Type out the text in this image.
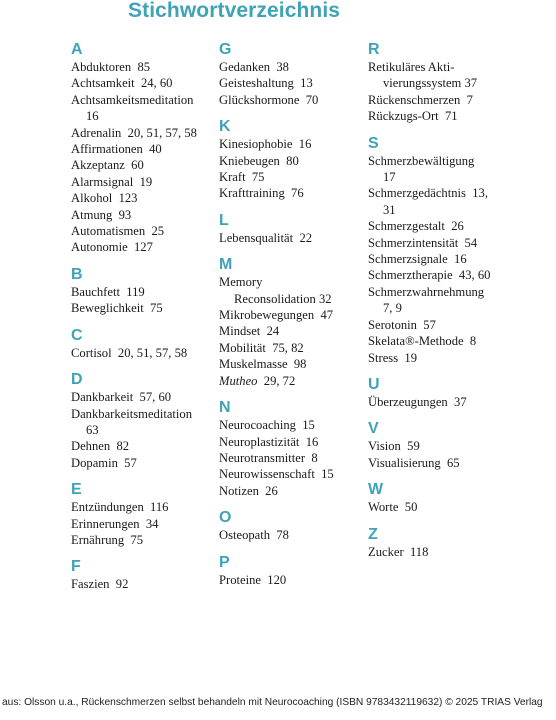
Stichwortverzeichnis
A
Abduktoren 85
Achtsamkeit 24, 60
Achtsamkeitsmeditation
16
Adrenalin 20, 51, 57, 58
Affirmationen 40
Akzeptanz 60
Alarmsignal 19
Alkohol 123
Atmung 93
Automatismen 25
Autonomie 127
B
Bauchfett 119
Beweglichkeit 75
C
Cortisol 20, 51, 57, 58
D
Dankbarkeit 57, 60
Dankbarkeitsmeditation
63
Dehnen 82
Dopamin 57
E
Entzündungen 116
Erinnerungen 34
Ernährung 75
F
Faszien 92
G
Gedanken 38
Geisteshaltung 13
Glückshormone 70
K
Kinesiophobie 16
Kniebeugen 80
Kraft 75
Krafttraining 76
L
Lebensqualität 22
M
Memory
Reconsolidation 32
Mikrobewegungen 47
Mindset 24
Mobilität 75, 82
Muskelmasse 98
Mutheo 29, 72
N
Neurocoaching 15
Neuroplastizität 16
Neurotransmitter 8
Neurowissenschaft 15
Notizen 26
O
Osteopath 78
P
Proteine 120
R
Retikuläres Akti-
vierungssystem 37
Rückenschmerzen 7
Rückzugs-Ort 71
S
Schmerzbewältigung
17
Schmerzgedächtnis 13,
31
Schmerzgestalt 26
Schmerzintensität 54
Schmerzsignale 16
Schmerztherapie 43, 60
Schmerzwahrnehmung
7, 9
Serotonin 57
Skelata®-Methode 8
Stress 19
U
Überzeugungen 37
V
Vision 59
Visualisierung 65
W
Worte 50
Z
Zucker 118
aus: Olsson u.a., Rückenschmerzen selbst behandeln mit Neurocoaching (ISBN 9783432119632) © 2025 TRIAS Verlag
